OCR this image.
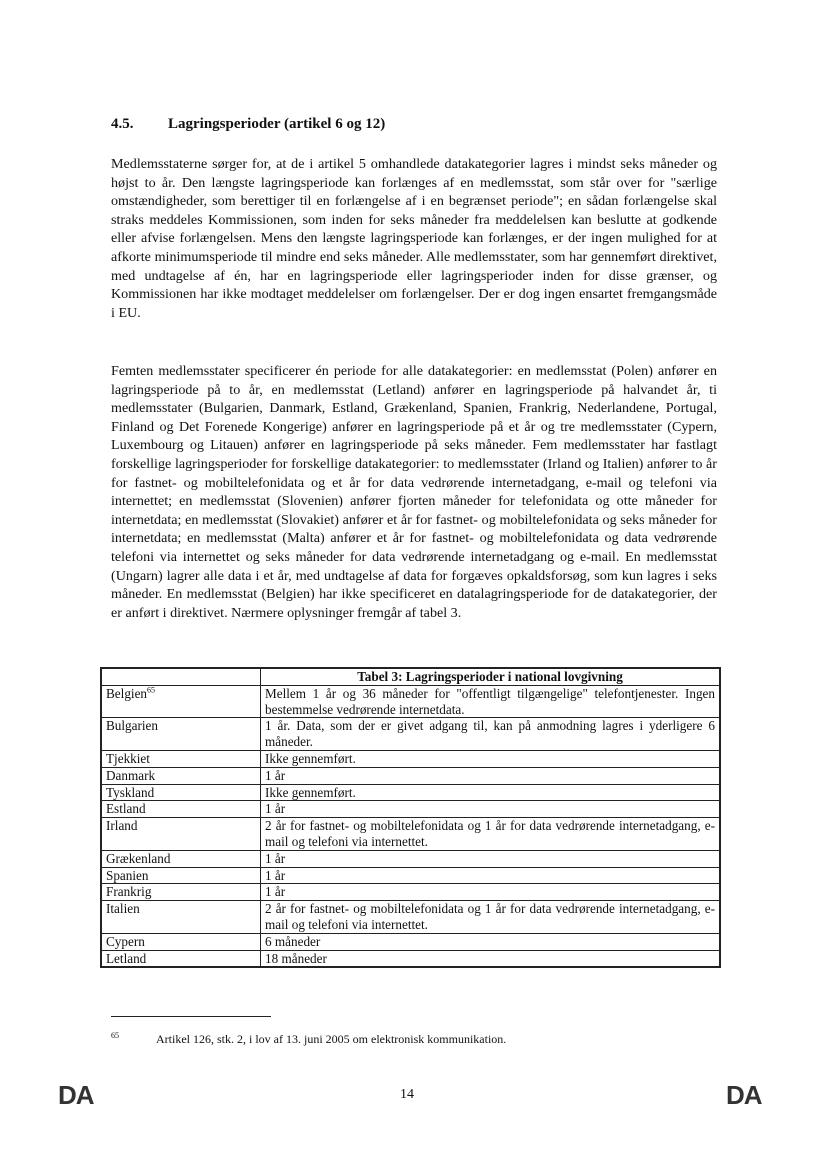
4.5. Lagringsperioder (artikel 6 og 12)

Medlemsstaterne sørger for, at de i artikel 5 omhandlede datakategorier lagres i mindst seks måneder og højst to år. Den længste lagringsperiode kan forlænges af en medlemsstat, som står over for "særlige omstændigheder, som berettiger til en forlængelse af i en begrænset periode"; en sådan forlængelse skal straks meddeles Kommissionen, som inden for seks måneder fra meddelelsen kan beslutte at godkende eller afvise forlængelsen. Mens den længste lagringsperiode kan forlænges, er der ingen mulighed for at afkorte minimumsperiode til mindre end seks måneder. Alle medlemsstater, som har gennemført direktivet, med undtagelse af én, har en lagringsperiode eller lagringsperioder inden for disse grænser, og Kommissionen har ikke modtaget meddelelser om forlængelser. Der er dog ingen ensartet fremgangsmåde i EU.

Femten medlemsstater specificerer én periode for alle datakategorier: en medlemsstat (Polen) anfører en lagringsperiode på to år, en medlemsstat (Letland) anfører en lagringsperiode på halvandet år, ti medlemsstater (Bulgarien, Danmark, Estland, Grækenland, Spanien, Frankrig, Nederlandene, Portugal, Finland og Det Forenede Kongerige) anfører en lagringsperiode på et år og tre medlemsstater (Cypern, Luxembourg og Litauen) anfører en lagringsperiode på seks måneder. Fem medlemsstater har fastlagt forskellige lagringsperioder for forskellige datakategorier: to medlemsstater (Irland og Italien) anfører to år for fastnet- og mobiltelefonidata og et år for data vedrørende internetadgang, e-mail og telefoni via internettet; en medlemsstat (Slovenien) anfører fjorten måneder for telefonidata og otte måneder for internetdata; en medlemsstat (Slovakiet) anfører et år for fastnet- og mobiltelefonidata og seks måneder for internetdata; en medlemsstat (Malta) anfører et år for fastnet- og mobiltelefonidata og data vedrørende telefoni via internettet og seks måneder for data vedrørende internetadgang og e-mail. En medlemsstat (Ungarn) lagrer alle data i et år, med undtagelse af data for forgæves opkaldsforsøg, som kun lagres i seks måneder. En medlemsstat (Belgien) har ikke specificeret en datalagringsperiode for de datakategorier, der er anført i direktivet. Nærmere oplysninger fremgår af tabel 3.

	Tabel 3: Lagringsperioder i national lovgivning
Belgien$^{65}$	Mellem 1 år og 36 måneder for "offentligt tilgængelige" telefontjenester. Ingen bestemmelse vedrørende internetdata.
Bulgarien	1 år. Data, som der er givet adgang til, kan på anmodning lagres i yderligere 6 måneder.
Tjekkiet	Ikke gennemført.
Danmark	1 år
Tyskland	Ikke gennemført.
Estland	1 år
Irland	2 år for fastnet- og mobiltelefonidata og 1 år for data vedrørende internetadgang, e-mail og telefoni via internettet.
Grækenland	1 år
Spanien	1 år
Frankrig	1 år
Italien	2 år for fastnet- og mobiltelefonidata og 1 år for data vedrørende internetadgang, e-mail og telefoni via internettet.
Cypern	6 måneder
Letland	18 måneder
65	Artikel 126, stk. 2, i lov af 13. juni 2005 om elektronisk kommunikation.
DA	14	DA
